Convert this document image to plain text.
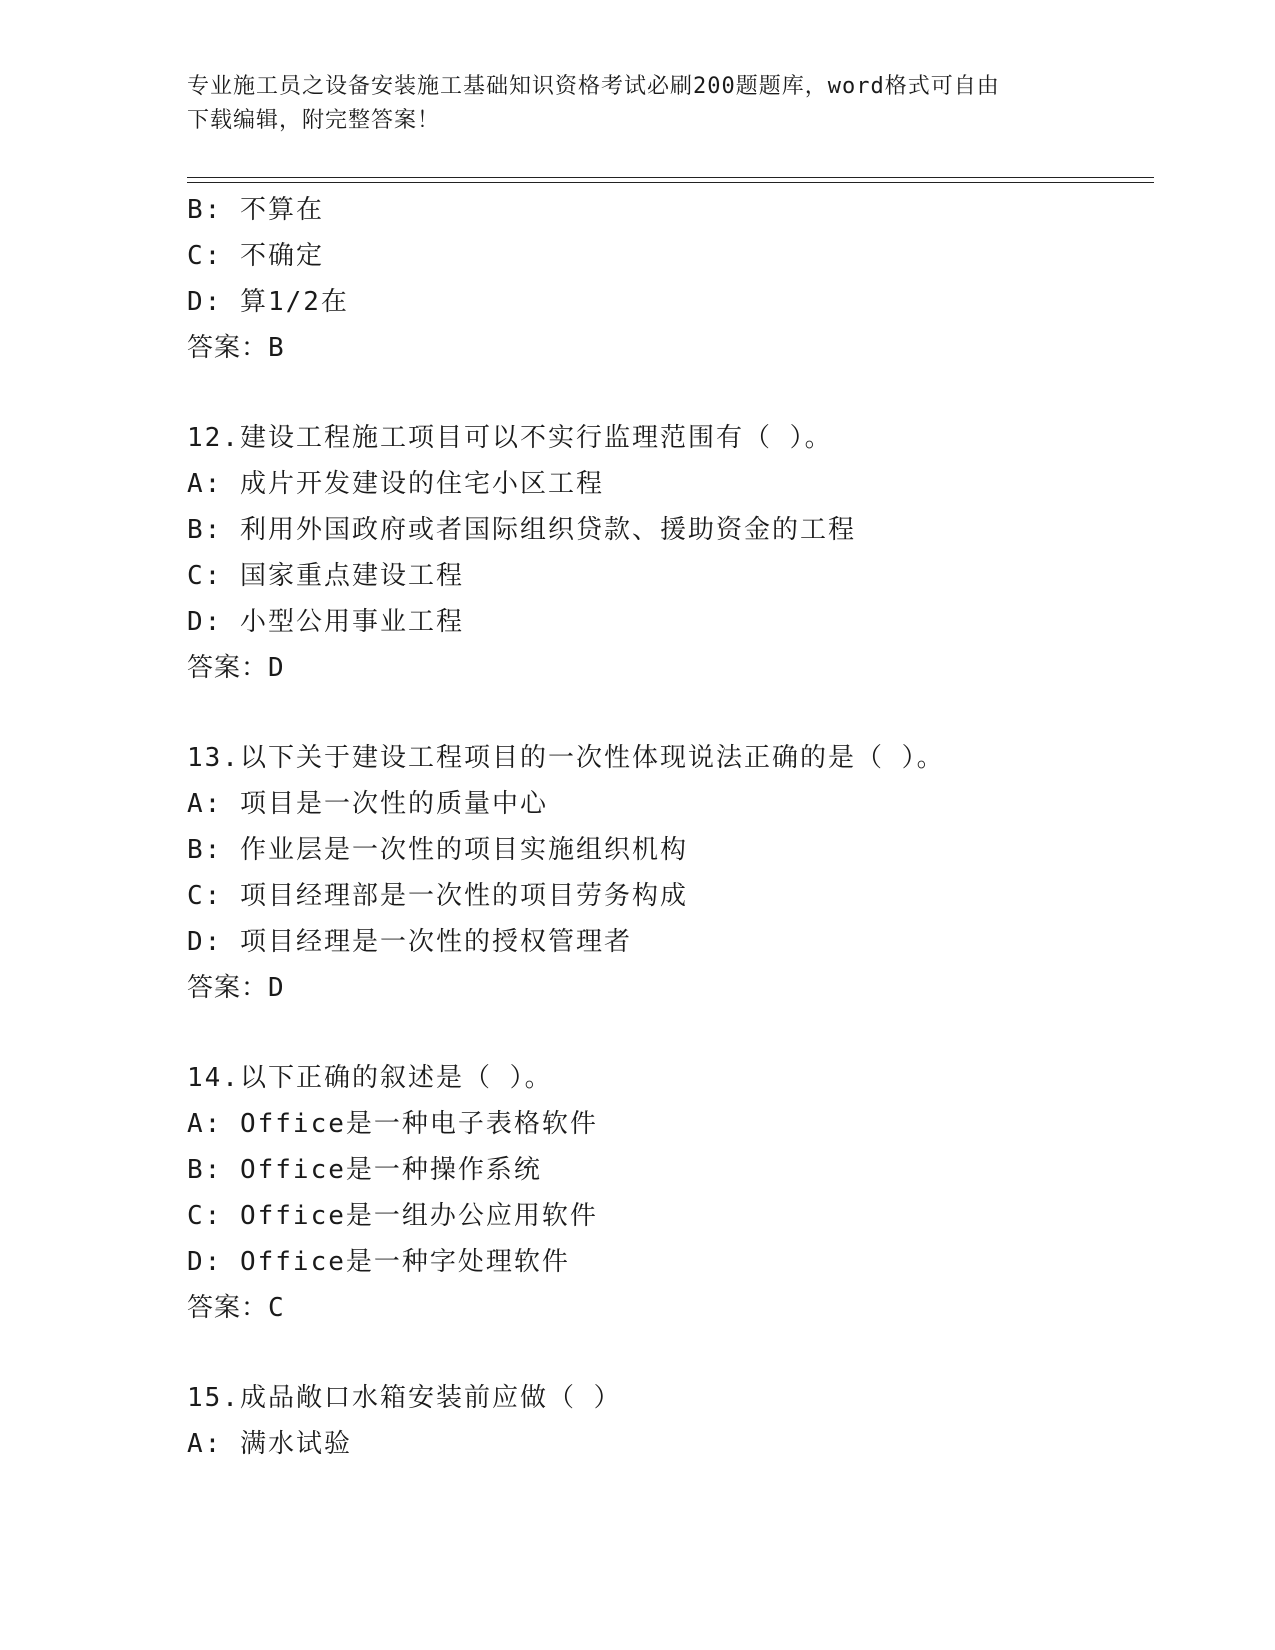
专业施工员之设备安装施工基础知识资格考试必刷200题题库，word格式可自由
下载编辑，附完整答案！
B: 不算在
C: 不确定
D: 算1/2在
答案：B
12.建设工程施工项目可以不实行监理范围有（ ）。
A: 成片开发建设的住宅小区工程
B: 利用外国政府或者国际组织贷款、援助资金的工程
C: 国家重点建设工程
D: 小型公用事业工程
答案：D
13.以下关于建设工程项目的一次性体现说法正确的是（ ）。
A: 项目是一次性的质量中心
B: 作业层是一次性的项目实施组织机构
C: 项目经理部是一次性的项目劳务构成
D: 项目经理是一次性的授权管理者
答案：D
14.以下正确的叙述是（ ）。
A: Office是一种电子表格软件
B: Office是一种操作系统
C: Office是一组办公应用软件
D: Office是一种字处理软件
答案：C
15.成品敞口水箱安装前应做（ ）
A: 满水试验
